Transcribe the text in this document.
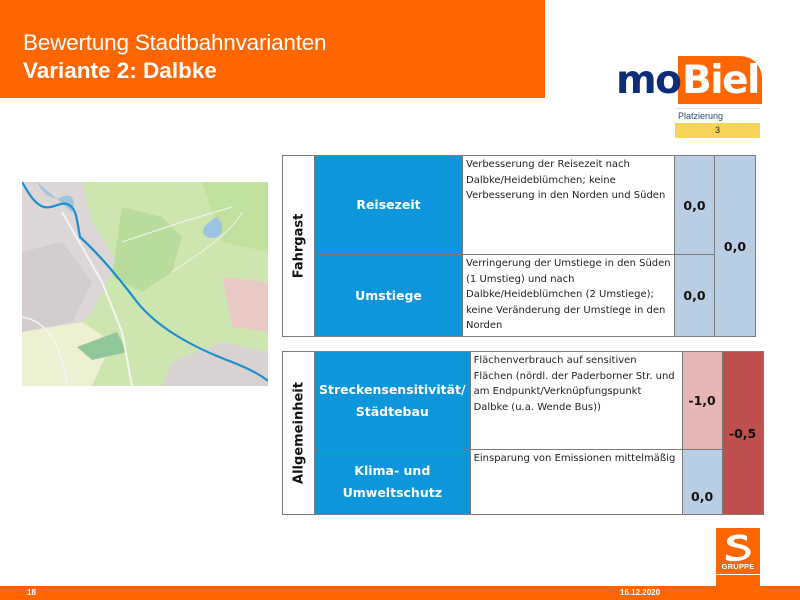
Bewertung Stadtbahnvarianten
Variante 2: Dalbke	mo Biel
Platzierung
3
Fahrgast	Reisezeit	Verbesserung der Reisezeit nach Dalbke/Heideblümchen; keine Verbesserung in den Norden und Süden	0,0	0,0
	Umstiege	Verringerung der Umstiege in den Süden (1 Umstieg) und nach Dalbke/Heideblümchen (2 Umstiege); keine Veränderung der Umstiege in den Norden	0,0	
Allgemeinheit	Streckensensitivität/ Städtebau	Flächenverbrauch auf sensitiven Flächen (nördl. der Paderborner Str. und am Endpunkt/Verknüpfungspunkt Dalbke (u.a. Wende Bus))	-1,0	-0,5
	Klima- und Umweltschutz	Einsparung von Emissionen mittelmäßig	0,0	
18	16.12.2020
GRUPPE
